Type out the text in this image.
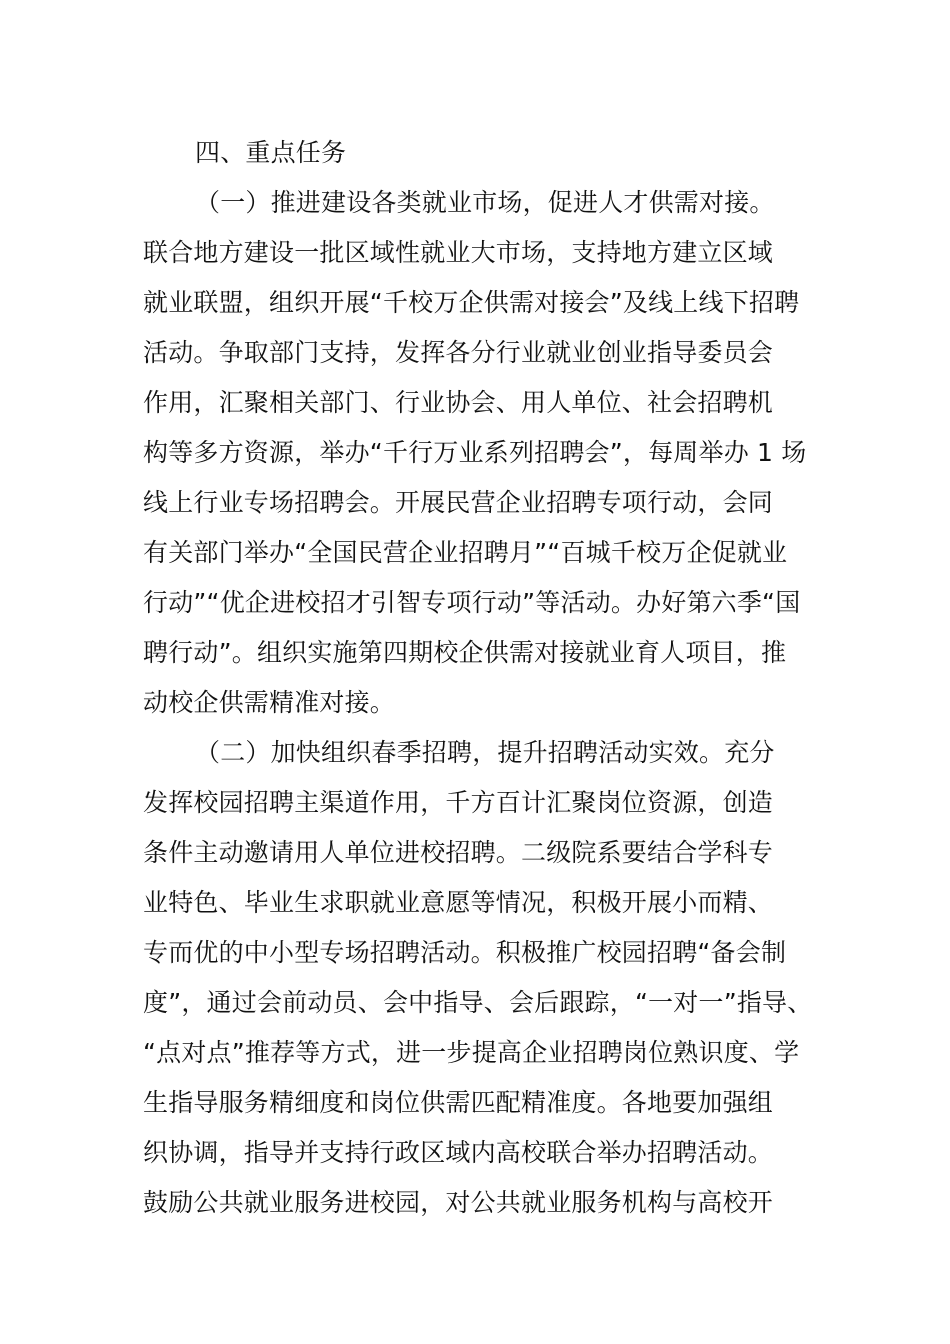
四、重点任务
（一）推进建设各类就业市场，促进人才供需对接。
联合地方建设一批区域性就业大市场，支持地方建立区域
就业联盟，组织开展“千校万企供需对接会”及线上线下招聘
活动。争取部门支持，发挥各分行业就业创业指导委员会
作用，汇聚相关部门、行业协会、用人单位、社会招聘机
构等多方资源，举办“千行万业系列招聘会”，每周举办 1 场
线上行业专场招聘会。开展民营企业招聘专项行动，会同
有关部门举办“全国民营企业招聘月”“百城千校万企促就业
行动”“优企进校招才引智专项行动”等活动。办好第六季“国
聘行动”。组织实施第四期校企供需对接就业育人项目，推
动校企供需精准对接。
（二）加快组织春季招聘，提升招聘活动实效。充分
发挥校园招聘主渠道作用，千方百计汇聚岗位资源，创造
条件主动邀请用人单位进校招聘。二级院系要结合学科专
业特色、毕业生求职就业意愿等情况，积极开展小而精、
专而优的中小型专场招聘活动。积极推广校园招聘“备会制
度”，通过会前动员、会中指导、会后跟踪，“一对一”指导、
“点对点”推荐等方式，进一步提高企业招聘岗位熟识度、学
生指导服务精细度和岗位供需匹配精准度。各地要加强组
织协调，指导并支持行政区域内高校联合举办招聘活动。
鼓励公共就业服务进校园，对公共就业服务机构与高校开
